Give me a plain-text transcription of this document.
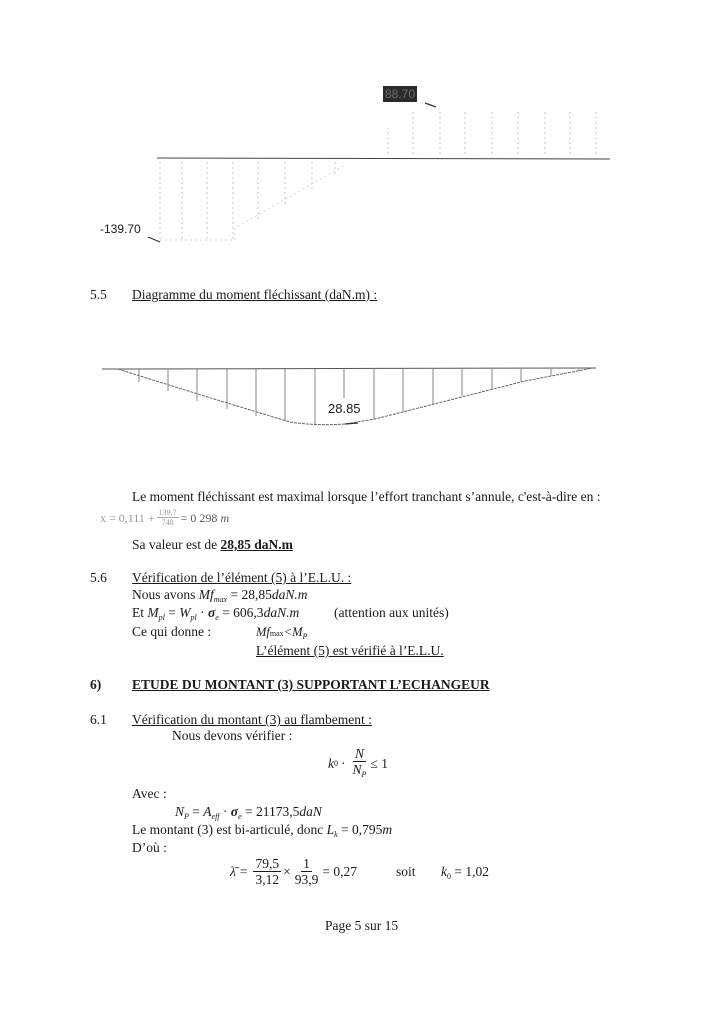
88.70
-139.70
5.5 Diagramme du moment fléchissant (daN.m) :
28.85
Le moment fléchissant est maximal lorsque l’effort tranchant s’annule, c'est-à-dire en :
$x = 0,111 + \frac{139,7}{748} = 0$ 298
m
Sa valeur est de 28,85 daN.m
5.6 Vérification de l’élément (5) à l’E.L.U. :
Nous avons $Mf_{max} = 28,85daN.m$
Et $M_{pl} = W_{pl} \cdot \sigma_e = 606,3daN.m$	(attention aux unités)
Ce qui donne :	$Mfmax<M_P$
L’élément (5) est vérifié à l’E.L.U.
6) ETUDE DU MONTANT (3) SUPPORTANT L’ECHANGEUR
6.1 Vérification du montant (3) au flambement :
Nous devons vérifier :
k $0 \cdot \frac{N}{N_P} \le 1$
Avec :
$N_P = A_{eff} \cdot \sigma_e = 21173,5daN$
Le montant (3) est bi-articulé, donc $L_k = 0,795m$
D’où :
λ̄ = $\frac{79,5}{3,12} \times \frac{1}{93,9} = 0,27$	soit $k_0 = 1,02$
Page 5 sur 15
